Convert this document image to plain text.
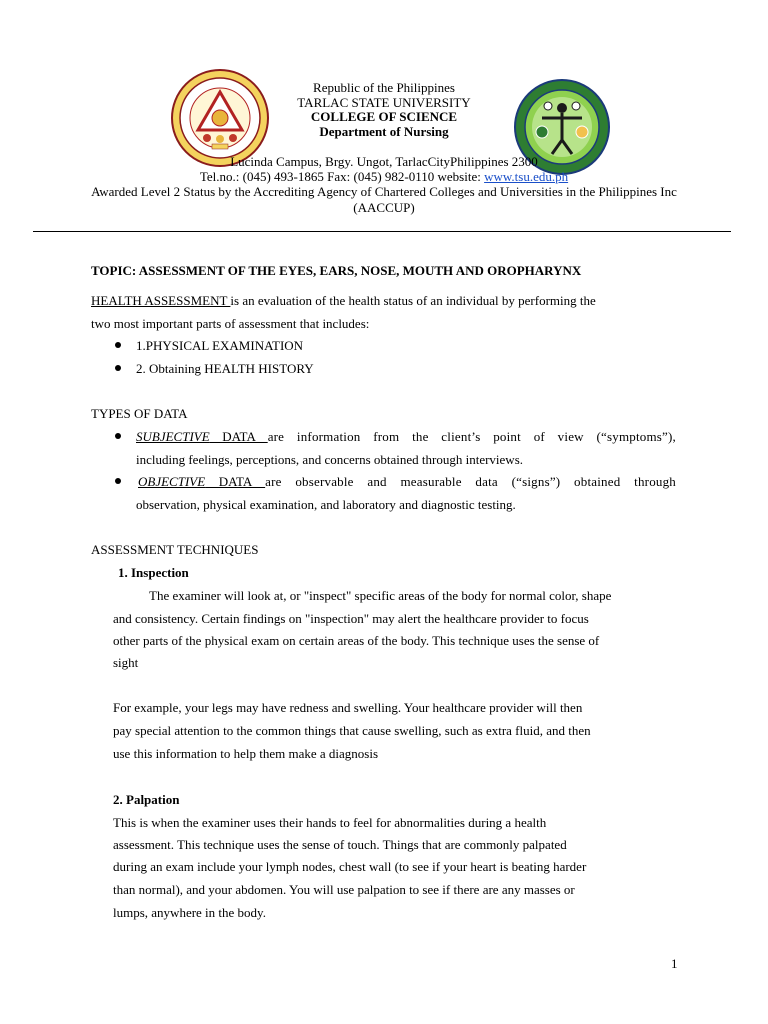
Republic of the Philippines
TARLAC STATE UNIVERSITY
COLLEGE OF SCIENCE
Department of Nursing
Lucinda Campus, Brgy. Ungot, TarlacCityPhilippines 2300
Tel.no.: (045) 493-1865 Fax: (045) 982-0110 website: www.tsu.edu.ph
Awarded Level 2 Status by the Accrediting Agency of Chartered Colleges and Universities in the Philippines Inc
(AACCUP)
TOPIC: ASSESSMENT OF THE EYES, EARS, NOSE, MOUTH AND OROPHARYNX
HEALTH ASSESSMENT is an evaluation of the health status of an individual by performing the
two most important parts of assessment that includes:
1.PHYSICAL EXAMINATION
2. Obtaining HEALTH HISTORY
TYPES OF DATA
SUBJECTIVE DATA are information from the client’s point of view (“symptoms”),
including feelings, perceptions, and concerns obtained through interviews.
OBJECTIVE DATA are observable and measurable data (“signs”) obtained through
observation, physical examination, and laboratory and diagnostic testing.
ASSESSMENT TECHNIQUES
1. Inspection
The examiner will look at, or "inspect" specific areas of the body for normal color, shape
and consistency. Certain findings on "inspection" may alert the healthcare provider to focus
other parts of the physical exam on certain areas of the body. This technique uses the sense of
sight
For example, your legs may have redness and swelling. Your healthcare provider will then
pay special attention to the common things that cause swelling, such as extra fluid, and then
use this information to help them make a diagnosis
2. Palpation
This is when the examiner uses their hands to feel for abnormalities during a health
assessment. This technique uses the sense of touch. Things that are commonly palpated
during an exam include your lymph nodes, chest wall (to see if your heart is beating harder
than normal), and your abdomen. You will use palpation to see if there are any masses or
lumps, anywhere in the body.
1
